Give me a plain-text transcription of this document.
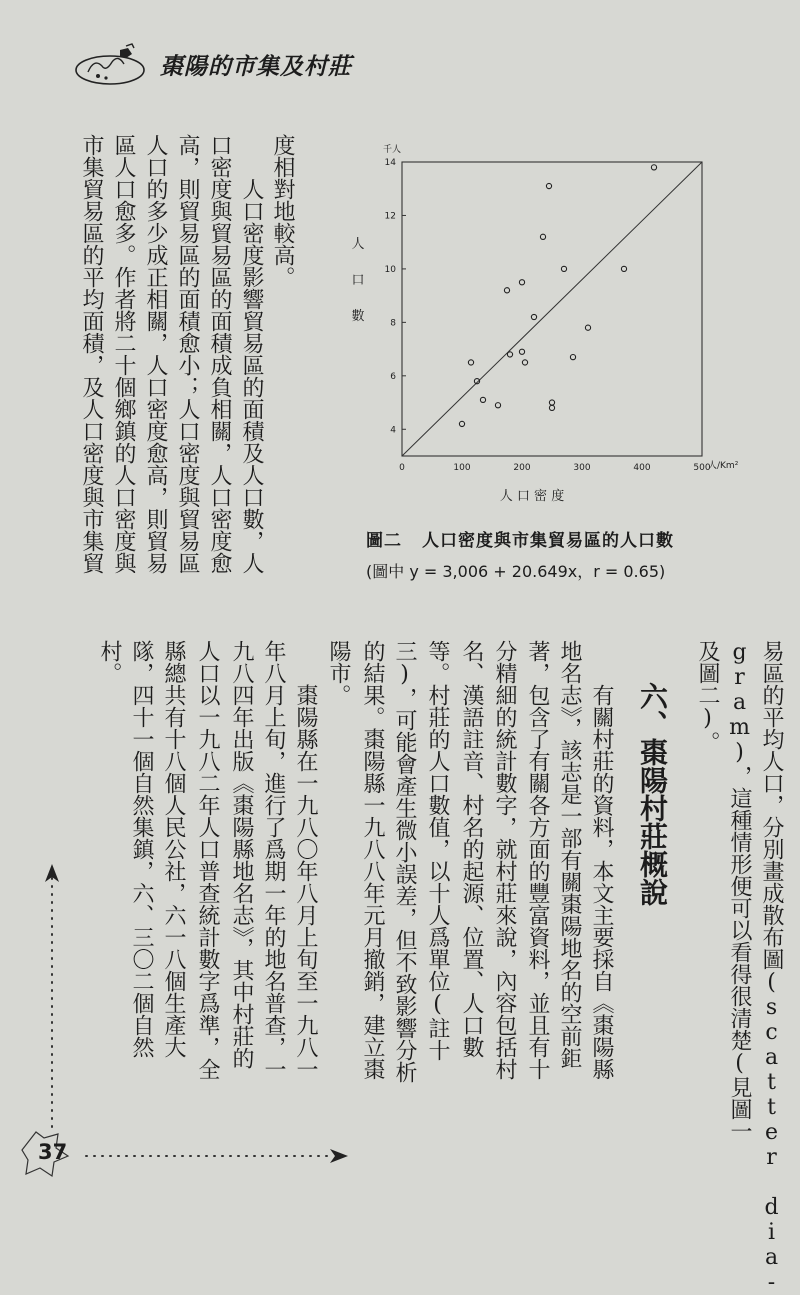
棗陽的市集及村莊
市集貿易區的平均面積，及人口密度與市集貿 區人口愈多。作者將二十個鄉鎮的人口密度與 人口的多少成正相關，人口密度愈高，則貿易 高，則貿易區的面積愈小；人口密度與貿易區 口密度與貿易區的面積成負相關，人口密度愈 人口密度影響貿易區的面積及人口數，人 度相對地較高。
4
6
8
10
12
14
0	100	200	300	400	500
千人
人/Km²
人
口
數
人 口 密 度
圖二 人口密度與市集貿易區的人口數
(圖中 y = 3,006 + 20.649x，r = 0.65)
村。 隊，四十一個自然集鎮，六、三〇二個自然 縣總共有十八個人民公社，六一八個生產大 人口以一九八二年人口普查統計數字爲準，全 九八四年出版《棗陽縣地名志》，其中村莊的 年八月上旬，進行了爲期一年的地名普查，一 棗陽縣在一九八〇年八月上旬至一九八一
陽市。 的結果。棗陽縣一九八八年元月撤銷，建立棗 三)，可能會產生微小誤差，但不致影響分析 等。村莊的人口數值，以十人爲單位(註十 名、漢語註音、村名的起源、位置、人口數 分精細的統計數字，就村莊來說，內容包括村 著，包含了有關各方面的豐富資料，並且有十 地名志》，該志是一部有關棗陽地名的空前鉅 有關村莊的資料，本文主要採自《棗陽縣 六、棗陽村莊概說 及圖二)。 gram)，這種情形便可以看得很清楚(見圖一 易區的平均人口，分別畫成散布圖(scatter dia-
37
